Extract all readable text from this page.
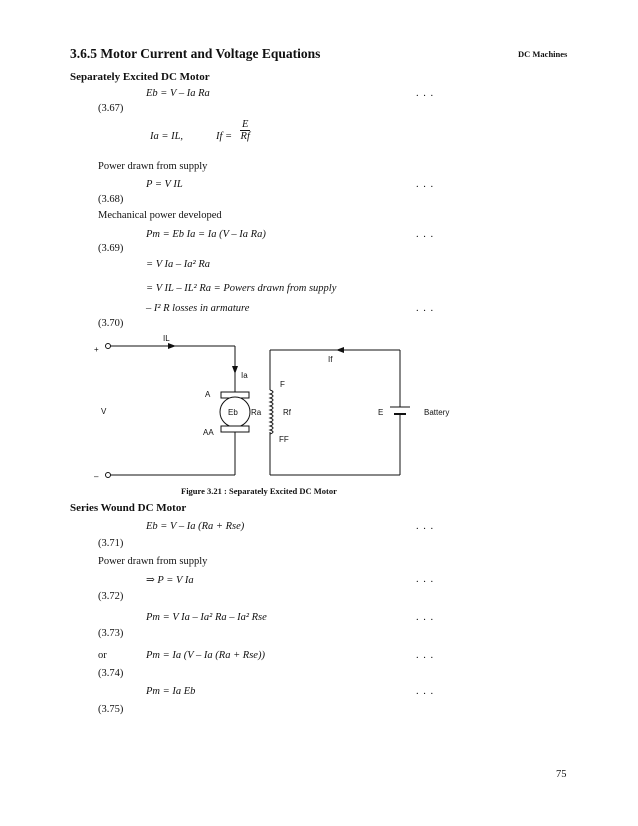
3.6.5 Motor Current and Voltage Equations	DC Machines
Separately Excited DC Motor
Eb = V – Ia Ra	. . .
(3.67)
Ia = IL,	$If = \frac{E}{Rf}$
Power drawn from supply
P = V IL	. . .
(3.68)
Mechanical power developed
Pm = Eb Ia = Ia (V – Ia Ra)	. . .
(3.69)
= V Ia – Ia² Ra
= V IL – IL² Ra = Powers drawn from supply
– I² R losses in armature	. . .
(3.70)
+
–
V
IL
Ia
A
AA
Eb Ra
F
FF
Rf
If
E	Battery
Figure 3.21 : Separately Excited DC Motor
Series Wound DC Motor
Eb = V – Ia (Ra + Rse)	. . .
(3.71)
Power drawn from supply
⇒ P = V Ia	. . .
(3.72)
Pm = V Ia – Ia² Ra – Ia² Rse	. . .
(3.73)
or	Pm = Ia (V – Ia (Ra + Rse))	. . .
(3.74)
Pm = Ia Eb	. . .
(3.75)
75
